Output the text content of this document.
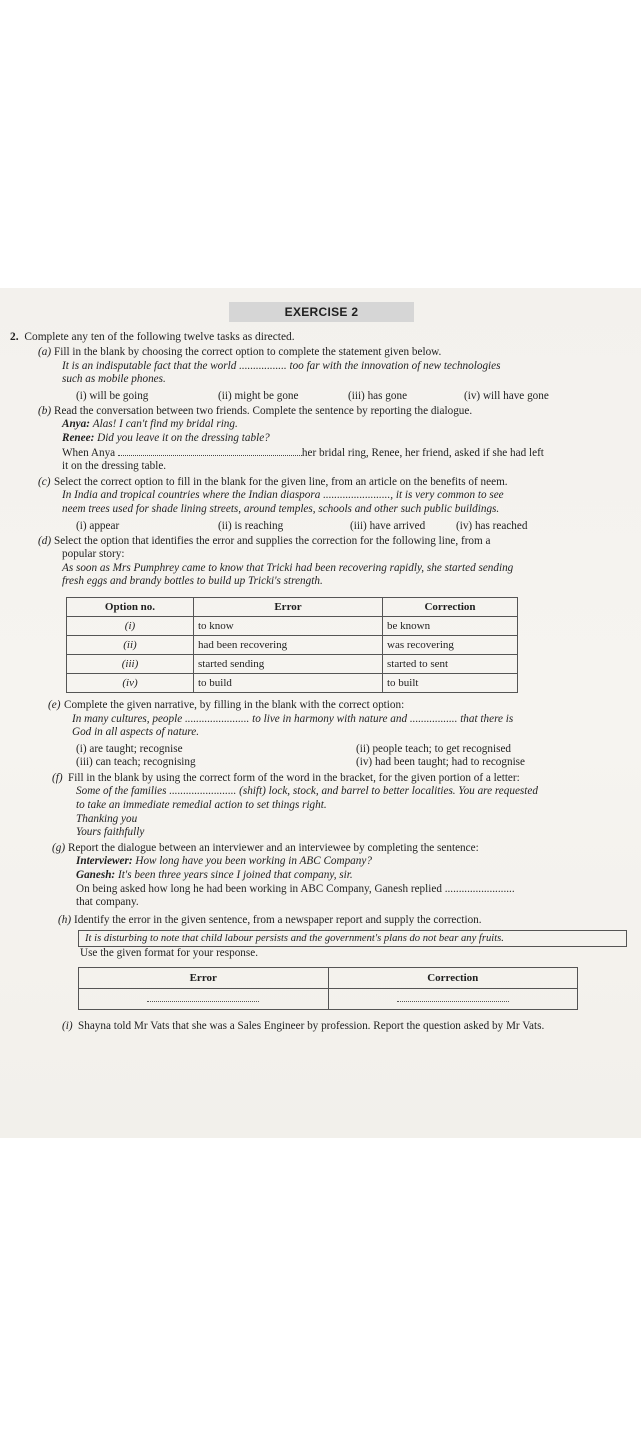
EXERCISE 2
2. Complete any ten of the following twelve tasks as directed.
(a) Fill in the blank by choosing the correct option to complete the statement given below.
It is an indisputable fact that the world ................. too far with the innovation of new technologies
such as mobile phones.
(i) will be going	(ii) might be gone	(iii) has gone	(iv) will have gone
(b) Read the conversation between two friends. Complete the sentence by reporting the dialogue.
Anya: Alas! I can't find my bridal ring.
Renee: Did you leave it on the dressing table?
When Anya	her bridal ring, Renee, her friend, asked if she had left
it on the dressing table.
(c) Select the correct option to fill in the blank for the given line, from an article on the benefits of neem.
In India and tropical countries where the Indian diaspora ........................, it is very common to see
neem trees used for shade lining streets, around temples, schools and other such public buildings.
(i) appear	(ii) is reaching	(iii) have arrived	(iv) has reached
(d) Select the option that identifies the error and supplies the correction for the following line, from a
popular story:
As soon as Mrs Pumphrey came to know that Tricki had been recovering rapidly, she started sending
fresh eggs and brandy bottles to build up Tricki's strength.
Option no.	Error	Correction
(i)	to know	be known
(ii)	had been recovering	was recovering
(iii)	started sending	started to sent
(iv)	to build	to built
(e) Complete the given narrative, by filling in the blank with the correct option:
In many cultures, people ....................... to live in harmony with nature and ................. that there is
God in all aspects of nature.
(i) are taught; recognise	(ii) people teach; to get recognised
(iii) can teach; recognising	(iv) had been taught; had to recognise
(f) Fill in the blank by using the correct form of the word in the bracket, for the given portion of a letter:
Some of the families ........................ (shift) lock, stock, and barrel to better localities. You are requested
to take an immediate remedial action to set things right.
Thanking you
Yours faithfully
(g) Report the dialogue between an interviewer and an interviewee by completing the sentence:
Interviewer: How long have you been working in ABC Company?
Ganesh: It's been three years since I joined that company, sir.
On being asked how long he had been working in ABC Company, Ganesh replied .........................
that company.
(h) Identify the error in the given sentence, from a newspaper report and supply the correction.
It is disturbing to note that child labour persists and the government's plans do not bear any fruits.
Use the given format for your response.
Error	Correction

(i) Shayna told Mr Vats that she was a Sales Engineer by profession. Report the question asked by Mr Vats.
